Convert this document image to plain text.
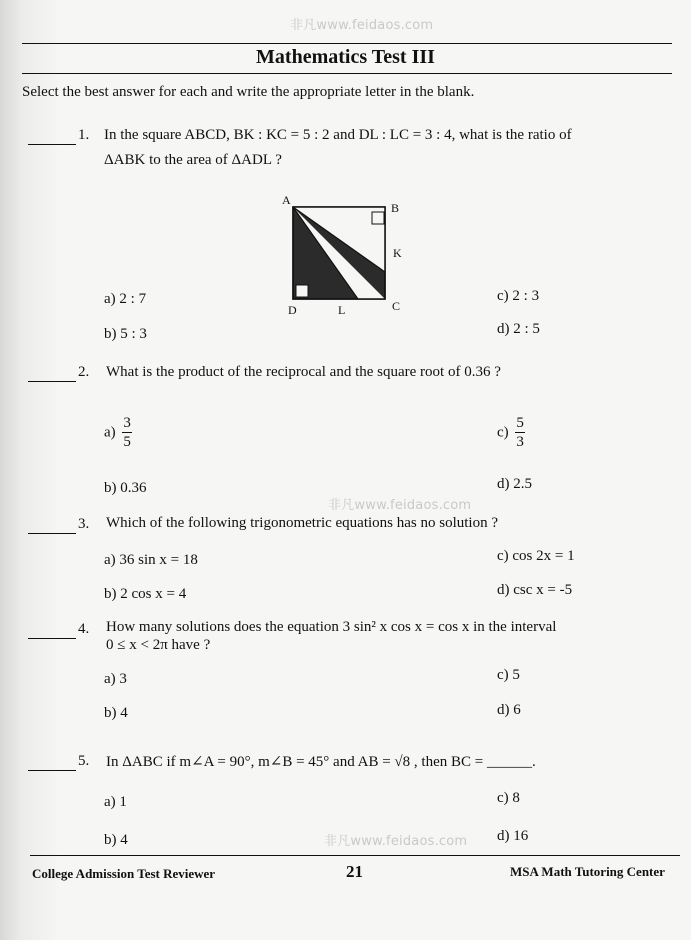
非凡www.feidaos.com
非凡www.feidaos.com
非凡www.feidaos.com
Mathematics Test III
Select the best answer for each and write the appropriate letter in the blank.
1. In the square ABCD, BK : KC = 5 : 2 and DL : LC = 3 : 4, what is the ratio of
ΔABK to the area of ΔADL ?
A
B
K
C
D	L
a) 2 : 7	c) 2 : 3
b) 5 : 3	d) 2 : 5
2. What is the product of the reciprocal and the square root of 0.36 ?
$a) \frac{3}{5}$	$c) \frac{5}{3}$
b) 0.36	d) 2.5
3. Which of the following trigonometric equations has no solution ?
a) 36 sin x = 18	c) cos 2x = 1
b) 2 cos x = 4	d) csc x = -5
4. How many solutions does the equation 3 sin² x cos x = cos x in the interval
0 ≤ x < 2π have ?
a) 3	c) 5
b) 4	d) 6
5. In ΔABC if m∠A = 90°, m∠B = 45° and AB = √8 , then BC = ______.
a) 1	c) 8
b) 4	d) 16
College Admission Test Reviewer	21	MSA Math Tutoring Center
